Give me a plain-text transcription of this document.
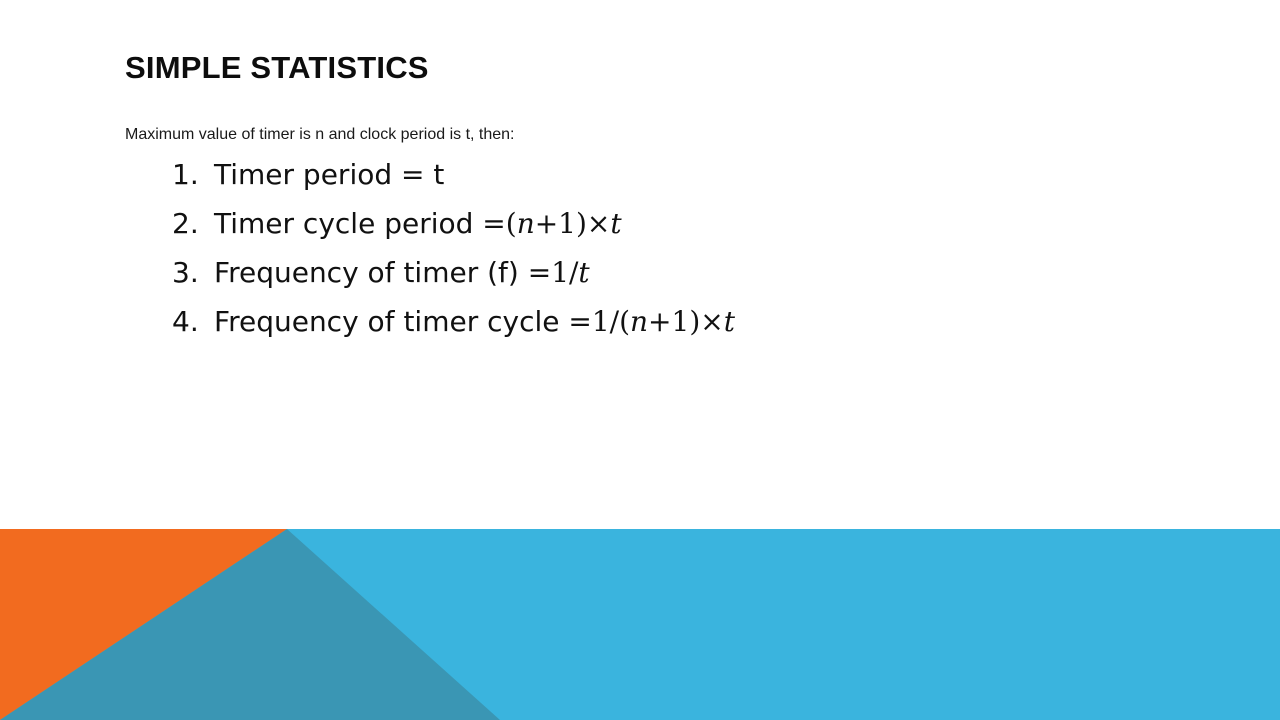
SIMPLE STATISTICS
Maximum value of timer is n and clock period is t, then:
1. Timer period = t
2. Timer cycle period = (𝑛+1)×𝑡
3. Frequency of timer (f) = 1/𝑡
4. Frequency of timer cycle = 1/(𝑛+1)×𝑡
